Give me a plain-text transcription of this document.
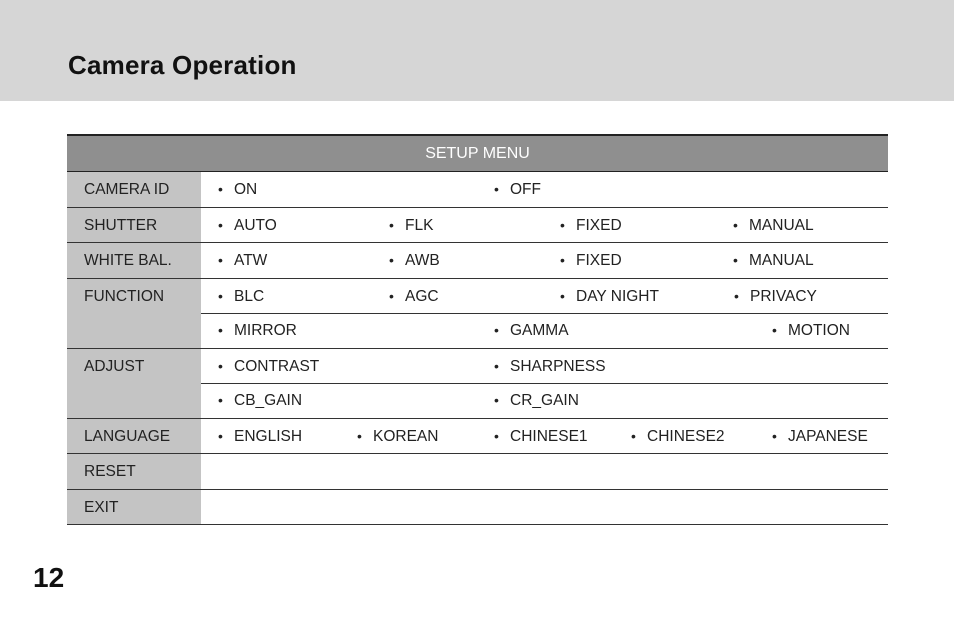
Camera Operation
SETUP MENU
CAMERA ID	• ON	• OFF
SHUTTER	• AUTO	• FLK	• FIXED	• MANUAL
WHITE BAL.	• ATW	• AWB	• FIXED	• MANUAL
FUNCTION	• BLC	• AGC	• DAY NIGHT	• PRIVACY
• MIRROR	• GAMMA	• MOTION
ADJUST	• CONTRAST	• SHARPNESS
• CB_GAIN	• CR_GAIN
LANGUAGE	• ENGLISH	• KOREAN	• CHINESE1	• CHINESE2	• JAPANESE
RESET
EXIT
12
